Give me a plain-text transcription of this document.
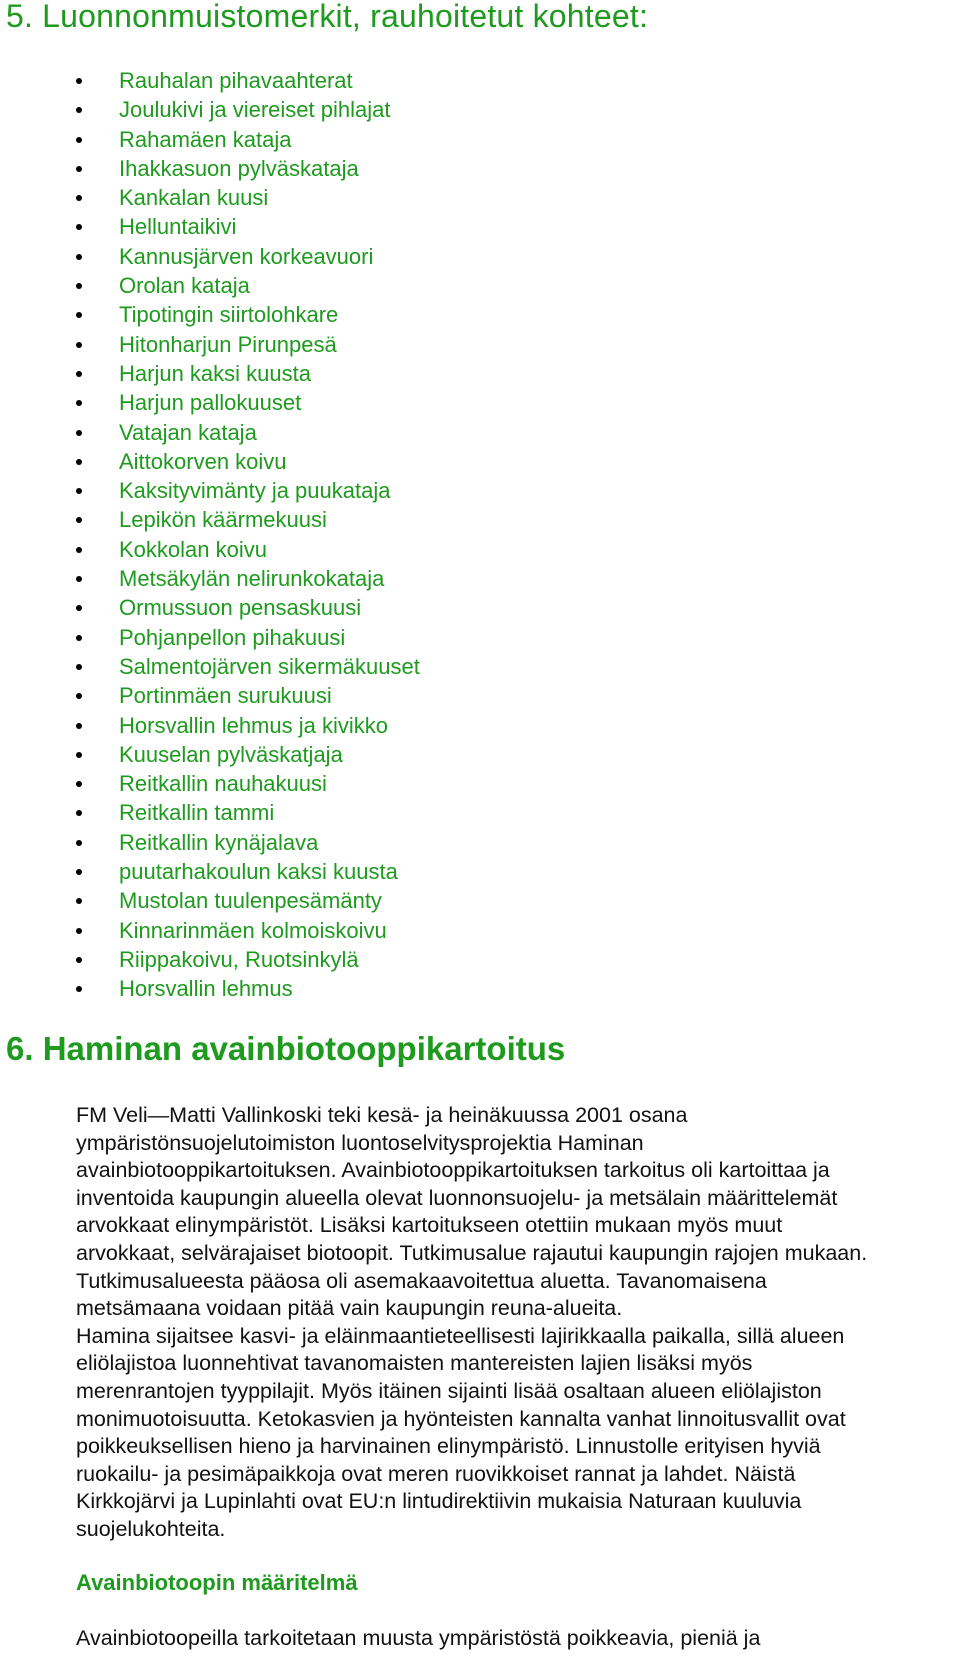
5. Luonnonmuistomerkit, rauhoitetut kohteet:
Rauhalan pihavaahterat
Joulukivi ja viereiset pihlajat
Rahamäen kataja
Ihakkasuon pylväskataja
Kankalan kuusi
Helluntaikivi
Kannusjärven korkeavuori
Orolan kataja
Tipotingin siirtolohkare
Hitonharjun Pirunpesä
Harjun kaksi kuusta
Harjun pallokuuset
Vatajan kataja
Aittokorven koivu
Kaksityvimänty ja puukataja
Lepikön käärmekuusi
Kokkolan koivu
Metsäkylän nelirunkokataja
Ormussuon pensaskuusi
Pohjanpellon pihakuusi
Salmentojärven sikermäkuuset
Portinmäen surukuusi
Horsvallin lehmus ja kivikko
Kuuselan pylväskatjaja
Reitkallin nauhakuusi
Reitkallin tammi
Reitkallin kynäjalava
puutarhakoulun kaksi kuusta
Mustolan tuulenpesämänty
Kinnarinmäen kolmoiskoivu
Riippakoivu, Ruotsinkylä
Horsvallin lehmus
6. Haminan avainbiotooppikartoitus

FM Veli—Matti Vallinkoski teki kesä- ja heinäkuussa 2001 osana
ympäristönsuojelutoimiston luontoselvitysprojektia Haminan
avainbiotooppikartoituksen. Avainbiotooppikartoituksen tarkoitus oli kartoittaa ja
inventoida kaupungin alueella olevat luonnonsuojelu- ja metsälain määrittelemät
arvokkaat elinympäristöt. Lisäksi kartoitukseen otettiin mukaan myös muut
arvokkaat, selvärajaiset biotoopit. Tutkimusalue rajautui kaupungin rajojen mukaan.
Tutkimusalueesta pääosa oli asemakaavoitettua aluetta. Tavanomaisena
metsämaana voidaan pitää vain kaupungin reuna-alueita.
Hamina sijaitsee kasvi- ja eläinmaantieteellisesti lajirikkaalla paikalla, sillä alueen
eliölajistoa luonnehtivat tavanomaisten mantereisten lajien lisäksi myös
merenrantojen tyyppilajit. Myös itäinen sijainti lisää osaltaan alueen eliölajiston
monimuotoisuutta. Ketokasvien ja hyönteisten kannalta vanhat linnoitusvallit ovat
poikkeuksellisen hieno ja harvinainen elinympäristö. Linnustolle erityisen hyviä
ruokailu- ja pesimäpaikkoja ovat meren ruovikkoiset rannat ja lahdet. Näistä
Kirkkojärvi ja Lupinlahti ovat EU:n lintudirektiivin mukaisia Naturaan kuuluvia
suojelukohteita.

Avainbiotoopin määritelmä

Avainbiotoopeilla tarkoitetaan muusta ympäristöstä poikkeavia, pieniä ja
